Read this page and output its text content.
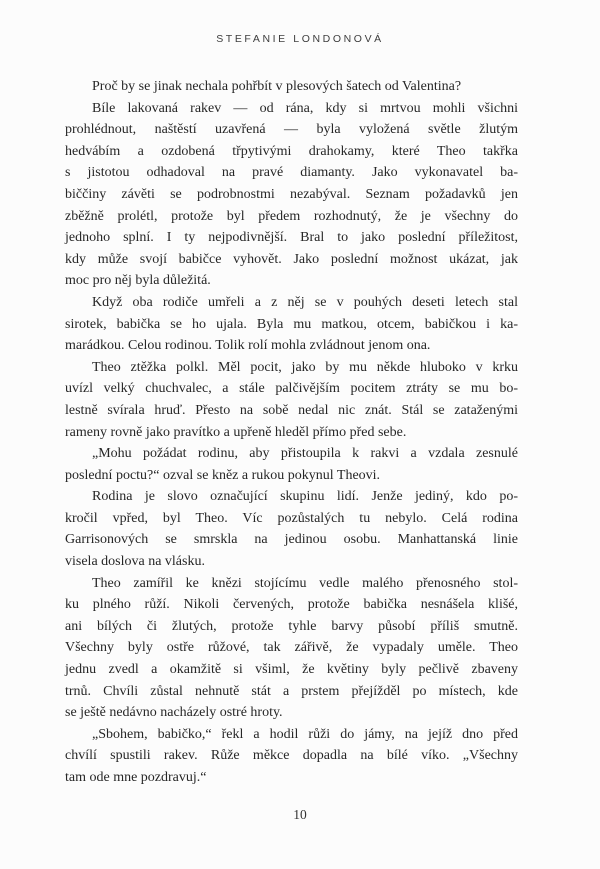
STEFANIE LONDONOVÁ
Proč by se jinak nechala pohřbít v plesových šatech od Valentina?
Bíle lakovaná rakev — od rána, kdy si mrtvou mohli všichni
prohlédnout, naštěstí uzavřená — byla vyložená světle žlutým
hedvábím a ozdobená třpytivými drahokamy, které Theo takřka
s jistotou odhadoval na pravé diamanty. Jako vykonavatel ba-
biččiny závěti se podrobnostmi nezabýval. Seznam požadavků jen
zběžně prolétl, protože byl předem rozhodnutý, že je všechny do
jednoho splní. I ty nejpodivnější. Bral to jako poslední příležitost,
kdy může svojí babičce vyhovět. Jako poslední možnost ukázat, jak
moc pro něj byla důležitá.
Když oba rodiče umřeli a z něj se v pouhých deseti letech stal
sirotek, babička se ho ujala. Byla mu matkou, otcem, babičkou i ka-
marádkou. Celou rodinou. Tolik rolí mohla zvládnout jenom ona.
Theo ztěžka polkl. Měl pocit, jako by mu někde hluboko v krku
uvízl velký chuchvalec, a stále palčivějším pocitem ztráty se mu bo-
lestně svírala hruď. Přesto na sobě nedal nic znát. Stál se zataženými
rameny rovně jako pravítko a upřeně hleděl přímo před sebe.
„Mohu požádat rodinu, aby přistoupila k rakvi a vzdala zesnulé
poslední poctu?“ ozval se kněz a rukou pokynul Theovi.
Rodina je slovo označující skupinu lidí. Jenže jediný, kdo po-
kročil vpřed, byl Theo. Víc pozůstalých tu nebylo. Celá rodina
Garrisonových se smrskla na jedinou osobu. Manhattanská linie
visela doslova na vlásku.
Theo zamířil ke knězi stojícímu vedle malého přenosného stol-
ku plného růží. Nikoli červených, protože babička nesnášela klišé,
ani bílých či žlutých, protože tyhle barvy působí příliš smutně.
Všechny byly ostře růžové, tak zářivě, že vypadaly uměle. Theo
jednu zvedl a okamžitě si všiml, že květiny byly pečlivě zbaveny
trnů. Chvíli zůstal nehnutě stát a prstem přejížděl po místech, kde
se ještě nedávno nacházely ostré hroty.
„Sbohem, babičko,“ řekl a hodil růži do jámy, na jejíž dno před
chvílí spustili rakev. Růže měkce dopadla na bílé víko. „Všechny
tam ode mne pozdravuj.“
10
